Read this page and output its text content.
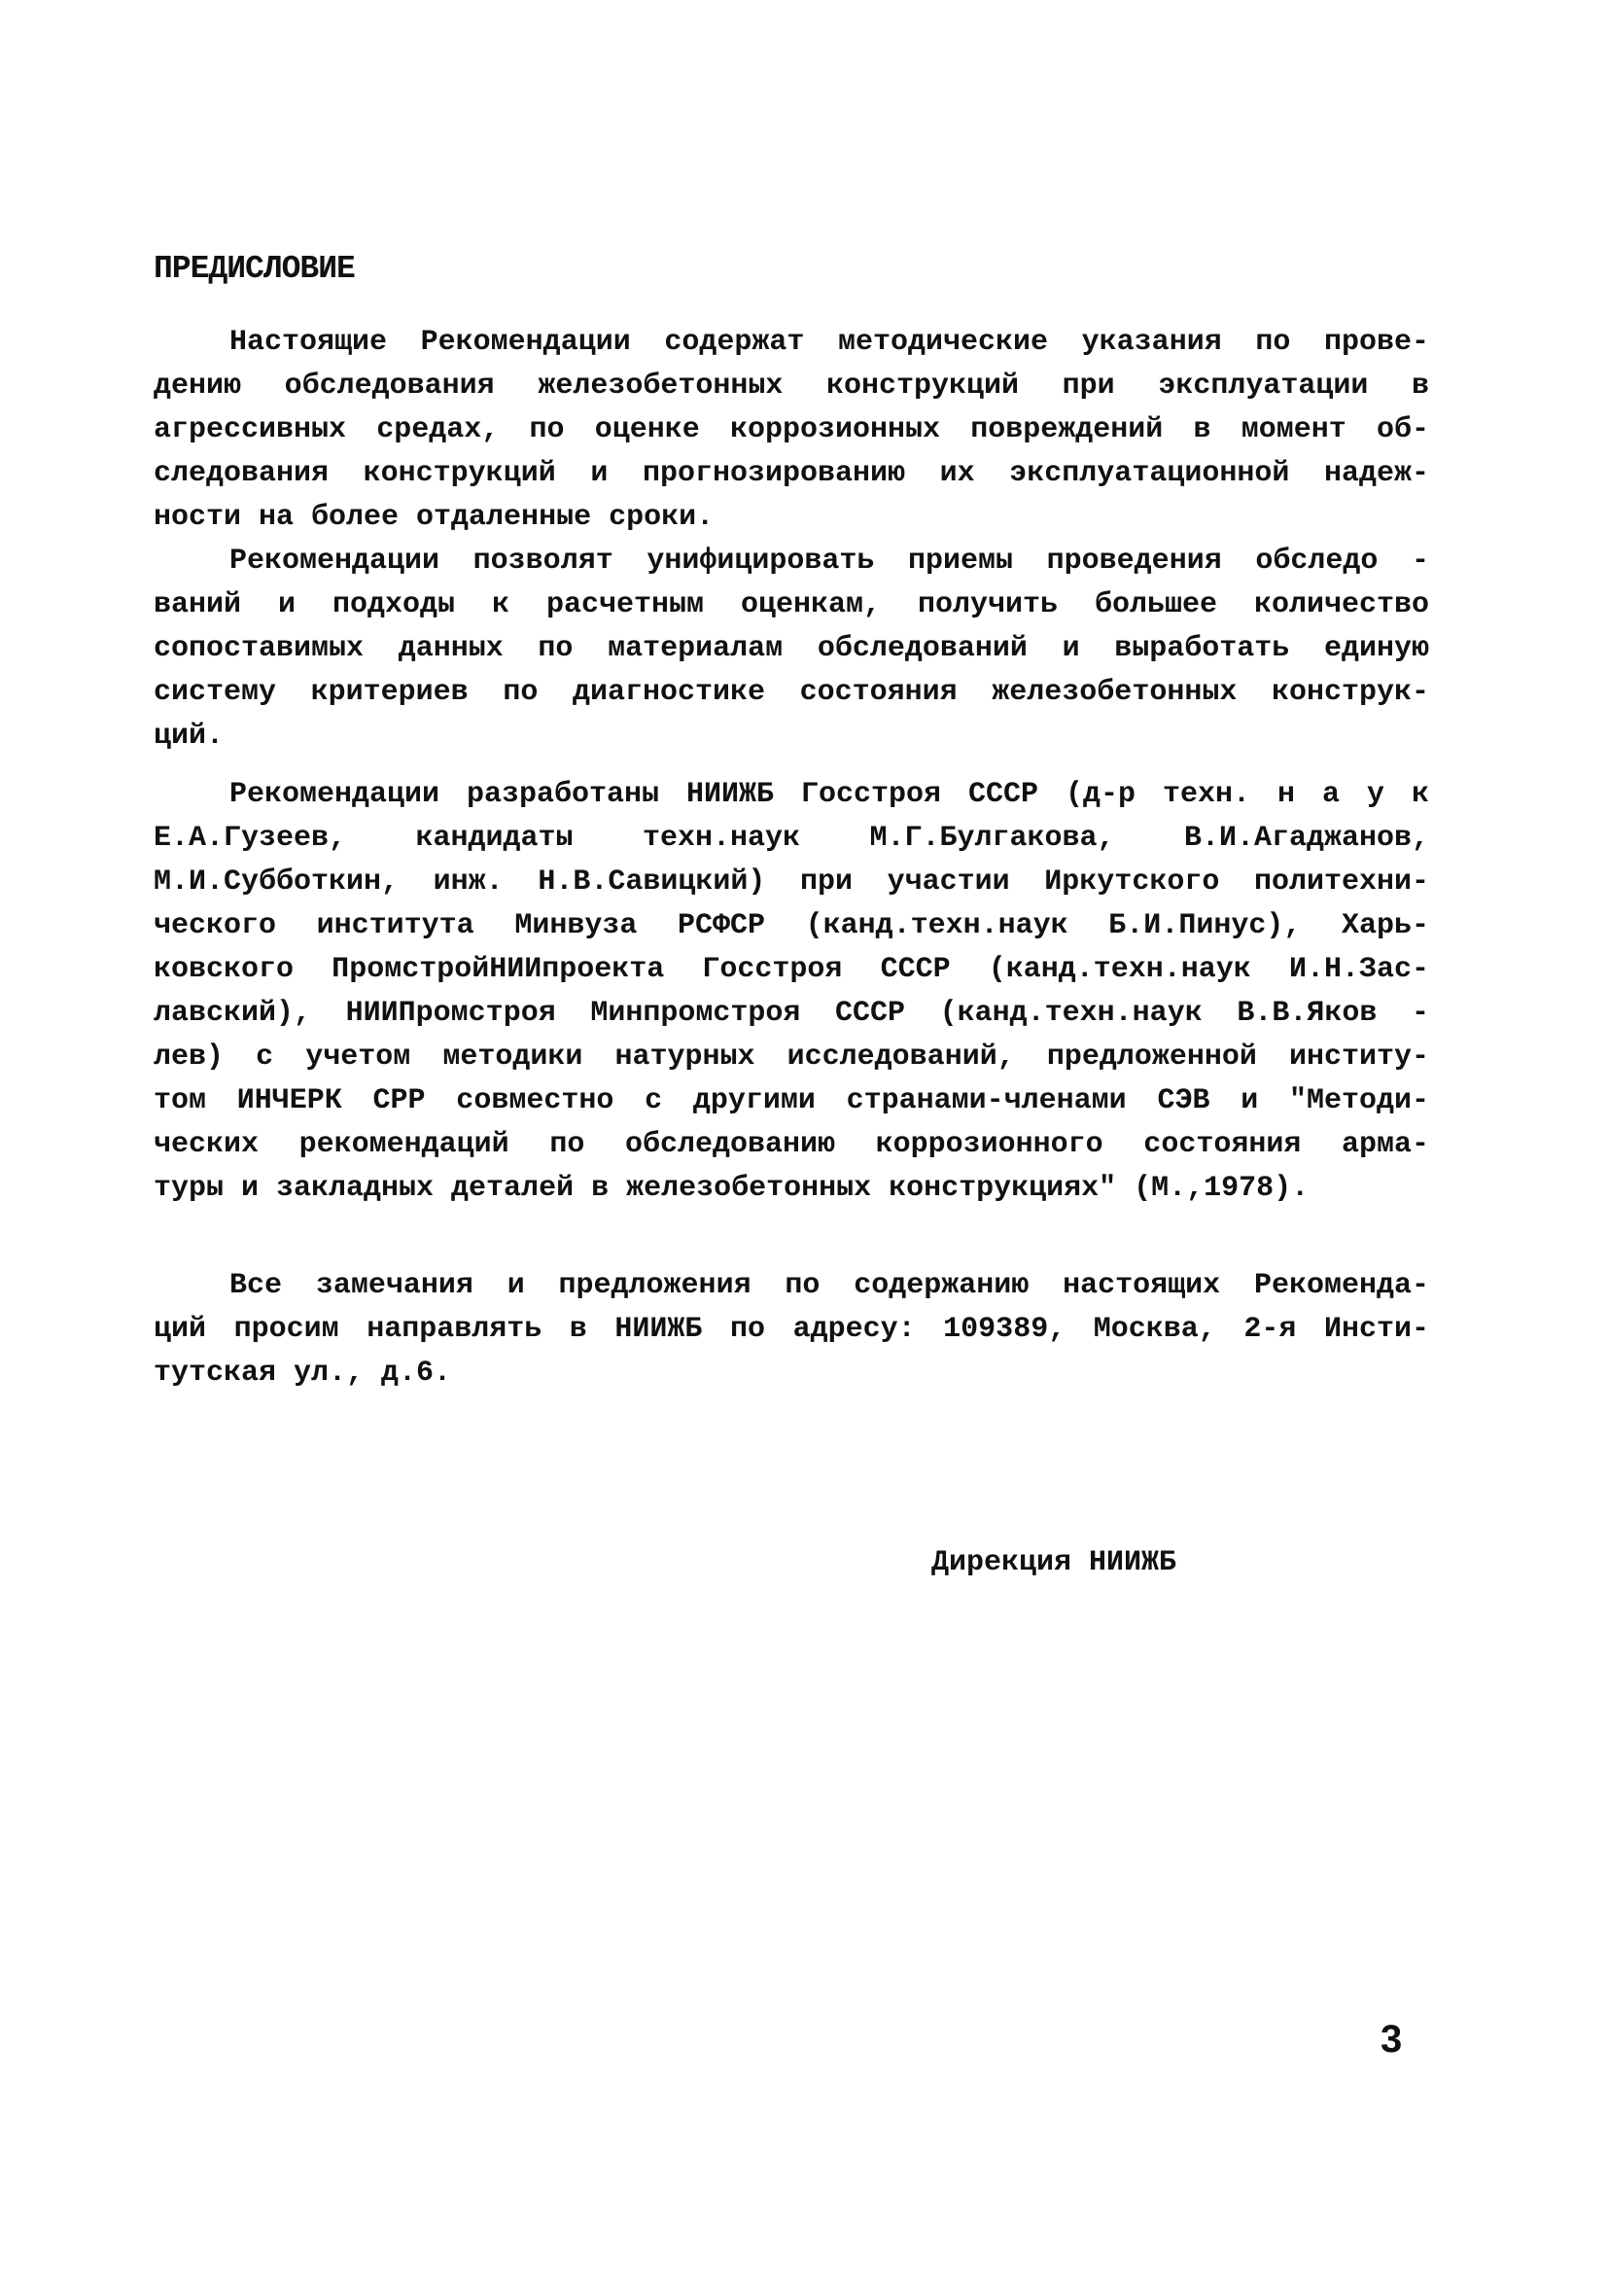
ПРЕДИСЛОВИЕ
Настоящие Рекомендации содержат методические указания по прове-
дению обследования железобетонных конструкций при эксплуатации в
агрессивных средах, по оценке коррозионных повреждений в момент об-
следования конструкций и прогнозированию их эксплуатационной надеж-
ности на более отдаленные сроки.
Рекомендации позволят унифицировать приемы проведения обследо -
ваний и подходы к расчетным оценкам, получить большее количество
сопоставимых данных по материалам обследований и выработать единую
систему критериев по диагностике состояния железобетонных конструк-
ций.
Рекомендации разработаны НИИЖБ Госстроя СССР (д-р техн. н а у к
Е.А.Гузеев, кандидаты техн.наук М.Г.Булгакова, В.И.Агаджанов,
М.И.Субботкин, инж. Н.В.Савицкий) при участии Иркутского политехни-
ческого института Минвуза РСФСР (канд.техн.наук Б.И.Пинус), Харь-
ковского ПромстройНИИпроекта Госстроя СССР (канд.техн.наук И.Н.Зас-
лавский), НИИПромстроя Минпромстроя СССР (канд.техн.наук В.В.Яков -
лев) с учетом методики натурных исследований, предложенной институ-
том ИНЧЕРК СРР совместно с другими странами-членами СЭВ и "Методи-
ческих рекомендаций по обследованию коррозионного состояния арма-
туры и закладных деталей в железобетонных конструкциях" (М.,1978).
Все замечания и предложения по содержанию настоящих Рекоменда-
ций просим направлять в НИИЖБ по адресу: 109389, Москва, 2-я Инсти-
тутская ул., д.6.
Дирекция НИИЖБ
3
